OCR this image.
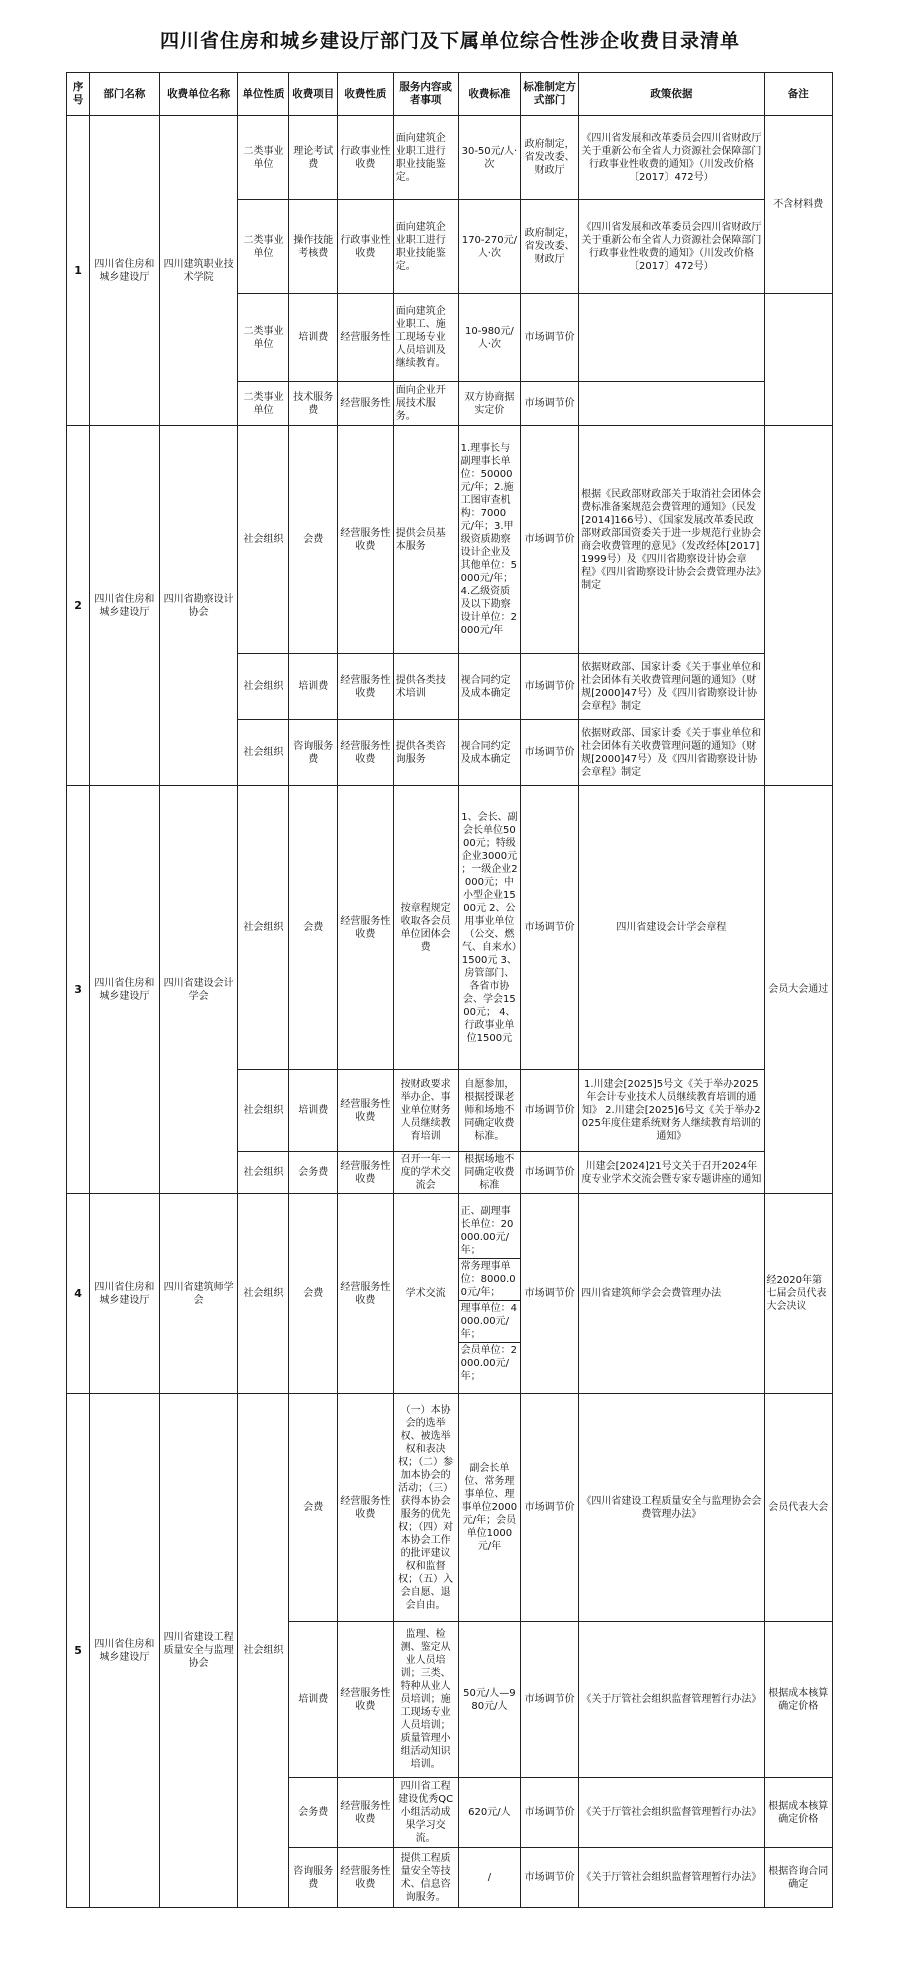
四川省住房和城乡建设厅部门及下属单位综合性涉企收费目录清单
序号	部门名称	收费单位名称	单位性质	收费项目	收费性质	服务内容或者事项	收费标准	标准制定方式部门	政策依据	备注
1	四川省住房和城乡建设厅	四川建筑职业技术学院	二类事业单位	理论考试费	行政事业性收费	面向建筑企业职工进行职业技能鉴定。	30-50元/人·次	政府制定，省发改委、财政厅	《四川省发展和改革委员会四川省财政厅关于重新公布全省人力资源社会保障部门行政事业性收费的通知》（川发改价格〔2017〕472号）	不含材料费
			二类事业单位	操作技能考核费	行政事业性收费	面向建筑企业职工进行职业技能鉴定。	170-270元/人·次	政府制定，省发改委、财政厅	《四川省发展和改革委员会四川省财政厅关于重新公布全省人力资源社会保障部门行政事业性收费的通知》（川发改价格〔2017〕472号）	
			二类事业单位	培训费	经营服务性	面向建筑企业职工、施工现场专业人员培训及继续教育。	10-980元/人·次	市场调节价		
			二类事业单位	技术服务费	经营服务性	面向企业开展技术服务。	双方协商据实定价	市场调节价		
2	四川省住房和城乡建设厅	四川省勘察设计协会	社会组织	会费	经营服务性收费	提供会员基本服务	1.理事长与副理事长单位：50000元/年；2.施工图审查机构：7000元/年；3.甲级资质勘察设计企业及其他单位：5000元/年；4.乙级资质及以下勘察设计单位：2000元/年	市场调节价	根据《民政部财政部关于取消社会团体会费标准备案规范会费管理的通知》（民发[2014]166号）、《国家发展改革委民政部财政部国资委关于进一步规范行业协会商会收费管理的意见》（发改经体[2017]1999号）及《四川省勘察设计协会章程》《四川省勘察设计协会会费管理办法》制定	
			社会组织	培训费	经营服务性收费	提供各类技术培训	视合同约定及成本确定	市场调节价	依据财政部、国家计委《关于事业单位和社会团体有关收费管理问题的通知》（财规[2000]47号）及《四川省勘察设计协会章程》制定	
			社会组织	咨询服务费	经营服务性收费	提供各类咨询服务	视合同约定及成本确定	市场调节价	依据财政部、国家计委《关于事业单位和社会团体有关收费管理问题的通知》（财规[2000]47号）及《四川省勘察设计协会章程》制定	
3	四川省住房和城乡建设厅	四川省建设会计学会	社会组织	会费	经营服务性 收费	按章程规定收取各会员单位团体会费	1、会长、副会长单位5000元；特级企业3000元 ；一级企业2000元；中小型企业1500元 2、公用事业单位（公交、燃气、自来水）1500元 3、房管部门、各省市协会、学会1500元； 4、行政事业单位1500元	市场调节价	四川省建设会计学会章程	会员大会通过
			社会组织	培训费	经营服务性 收费	按财政要求举办企、事业单位财务人员继续教育培训	自愿参加，根据授课老师和场地不同确定收费标准。	市场调节价	1.川建会[2025]5号文《关于举办2025年会计专业技术人员继续教育培训的通知》 2.川建会[2025]6号文《关于举办2025年度住建系统财务人继续教育培训的通知》	
			社会组织	会务费	经营服务性 收费	召开一年一度的学术交流会	根据场地不同确定收费标准	市场调节价	川建会[2024]21号文关于召开2024年度专业学术交流会暨专家专题讲座的通知	
4	四川省住房和城乡建设厅	四川省建筑师学会	社会组织	会费	经营服务性 收费	学术交流	正、副理事长单位：20000.00元/年；
常务理事单位：8000.00元/年；
理事单位：4000.00元/年；
会员单位：2000.00元/年；	市场调节价	四川省建筑师学会会费管理办法	经2020年第七届会员代表大会决议
5	四川省住房和城乡建设厅	四川省建设工程质量安全与监理协会	社会组织	会费	经营服务性收费	（一）本协会的选举权、被选举权和表决权；（二）参加本协会的活动；（三）获得本协会服务的优先权；（四）对本协会工作的批评建议权和监督权；（五）入会自愿、退会自由。	副会长单位、常务理事单位、理事单位2000元/年；会员单位1000元/年	市场调节价	《四川省建设工程质量安全与监理协会会费管理办法》	会员代表大会
				培训费	经营服务性收费	监理、检测、鉴定从业人员培训；三类、特种从业人员培训；施工现场专业人员培训；质量管理小组活动知识培训。	50元/人—980元/人	市场调节价	《关于厅管社会组织监督管理暂行办法》	根据成本核算确定价格
				会务费	经营服务性收费	四川省工程建设优秀QC小组活动成果学习交流。	620元/人	市场调节价	《关于厅管社会组织监督管理暂行办法》	根据成本核算确定价格
				咨询服务费	经营服务性收费	提供工程质量安全等技术、信息咨询服务。	/	市场调节价	《关于厅管社会组织监督管理暂行办法》	根据咨询合同确定
